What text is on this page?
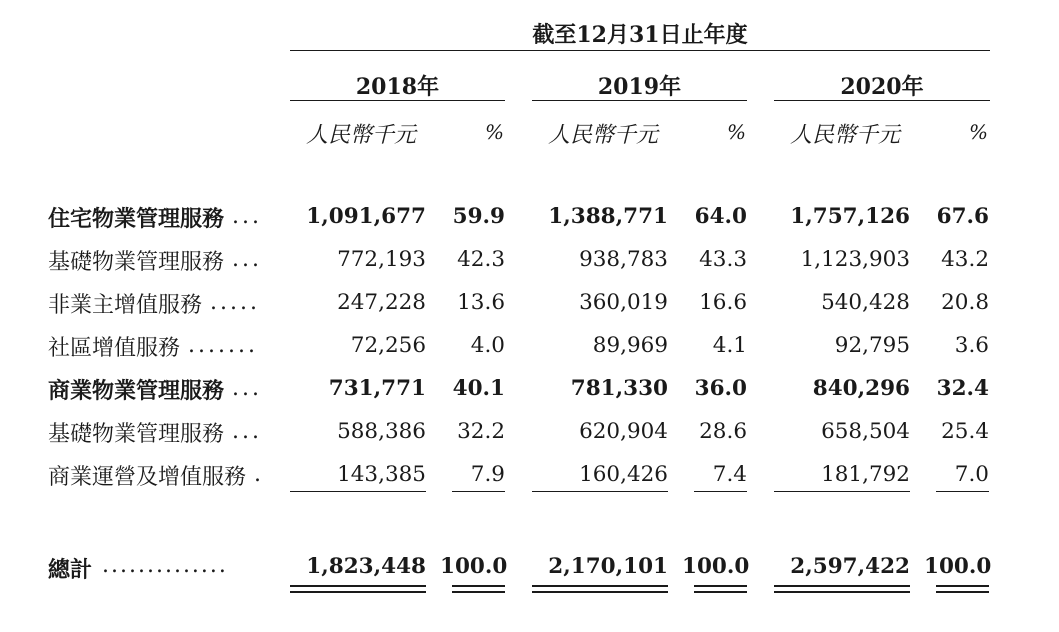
截至12月31日止年度
2018年	2019年	2020年
人民幣千元	% 人民幣千元	% 人民幣千元	%
住宅物業管理服務 ...	1,091,677	59.9	1,388,771	64.0	1,757,126	67.6
基礎物業管理服務 ...	772,193	42.3	938,783	43.3	1,123,903	43.2
非業主增值服務 .....	247,228	13.6	360,019	16.6	540,428	20.8
社區增值服務 .......	72,256	4.0	89,969	4.1	92,795	3.6
商業物業管理服務 ...	731,771	40.1	781,330	36.0	840,296	32.4
基礎物業管理服務 ...	588,386	32.2	620,904	28.6	658,504	25.4
商業運營及增值服務 .	143,385	7.9	160,426	7.4	181,792	7.0
總計 ..............	1,823,448 100.0	2,170,101 100.0	2,597,422 100.0
